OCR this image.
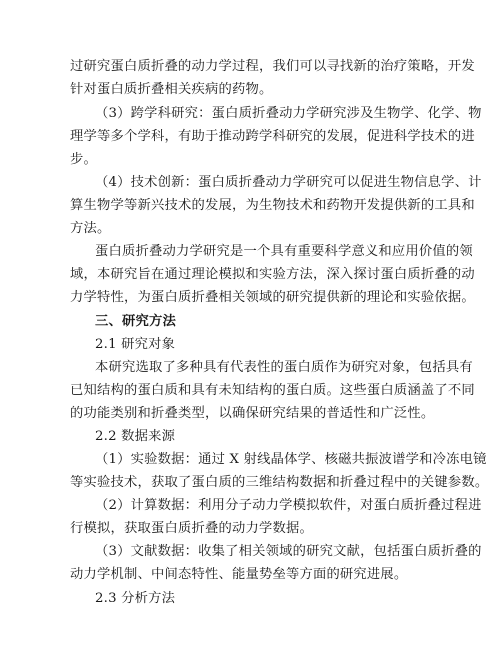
过研究蛋白质折叠的动力学过程，我们可以寻找新的治疗策略，开发
针对蛋白质折叠相关疾病的药物。
（3）跨学科研究：蛋白质折叠动力学研究涉及生物学、化学、物
理学等多个学科，有助于推动跨学科研究的发展，促进科学技术的进
步。
（4）技术创新：蛋白质折叠动力学研究可以促进生物信息学、计
算生物学等新兴技术的发展，为生物技术和药物开发提供新的工具和
方法。
蛋白质折叠动力学研究是一个具有重要科学意义和应用价值的领
域，本研究旨在通过理论模拟和实验方法，深入探讨蛋白质折叠的动
力学特性，为蛋白质折叠相关领域的研究提供新的理论和实验依据。
三、研究方法
2.1 研究对象
本研究选取了多种具有代表性的蛋白质作为研究对象，包括具有
已知结构的蛋白质和具有未知结构的蛋白质。这些蛋白质涵盖了不同
的功能类别和折叠类型，以确保研究结果的普适性和广泛性。
2.2 数据来源
（1）实验数据：通过 X 射线晶体学、核磁共振波谱学和冷冻电镜
等实验技术，获取了蛋白质的三维结构数据和折叠过程中的关键参数。
（2）计算数据：利用分子动力学模拟软件，对蛋白质折叠过程进
行模拟，获取蛋白质折叠的动力学数据。
（3）文献数据：收集了相关领域的研究文献，包括蛋白质折叠的
动力学机制、中间态特性、能量势垒等方面的研究进展。
2.3 分析方法
